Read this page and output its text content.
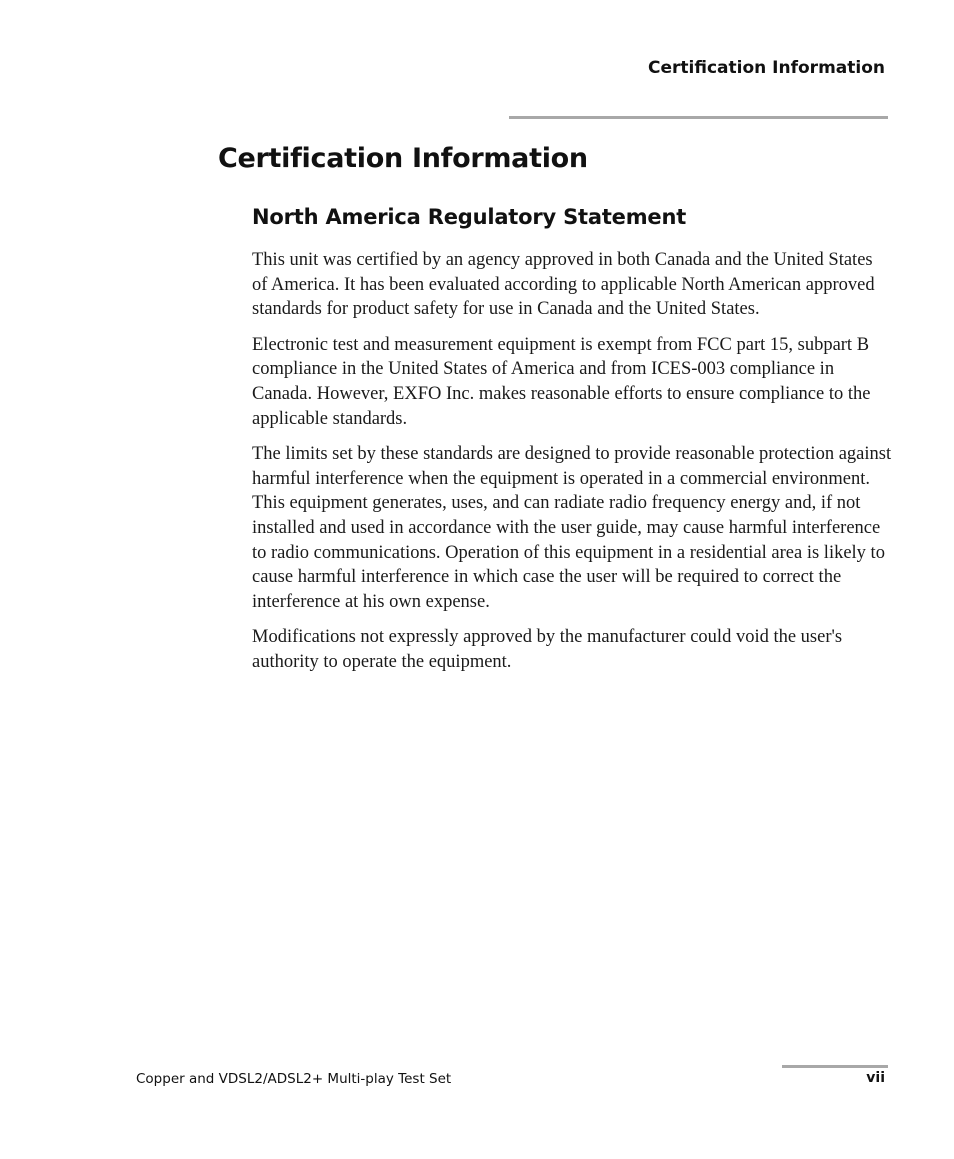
Certification Information
Certification Information
North America Regulatory Statement

This unit was certified by an agency approved in both Canada and the United States of America. It has been evaluated according to applicable North American approved standards for product safety for use in Canada and the United States.

Electronic test and measurement equipment is exempt from FCC part 15, subpart B compliance in the United States of America and from ICES-003 compliance in Canada. However, EXFO Inc. makes reasonable efforts to ensure compliance to the applicable standards.

The limits set by these standards are designed to provide reasonable protection against harmful interference when the equipment is operated in a commercial environment. This equipment generates, uses, and can radiate radio frequency energy and, if not installed and used in accordance with the user guide, may cause harmful interference to radio communications. Operation of this equipment in a residential area is likely to cause harmful interference in which case the user will be required to correct the interference at his own expense.

Modifications not expressly approved by the manufacturer could void the user's authority to operate the equipment.

Copper and VDSL2/ADSL2+ Multi-play Test Set	vii
